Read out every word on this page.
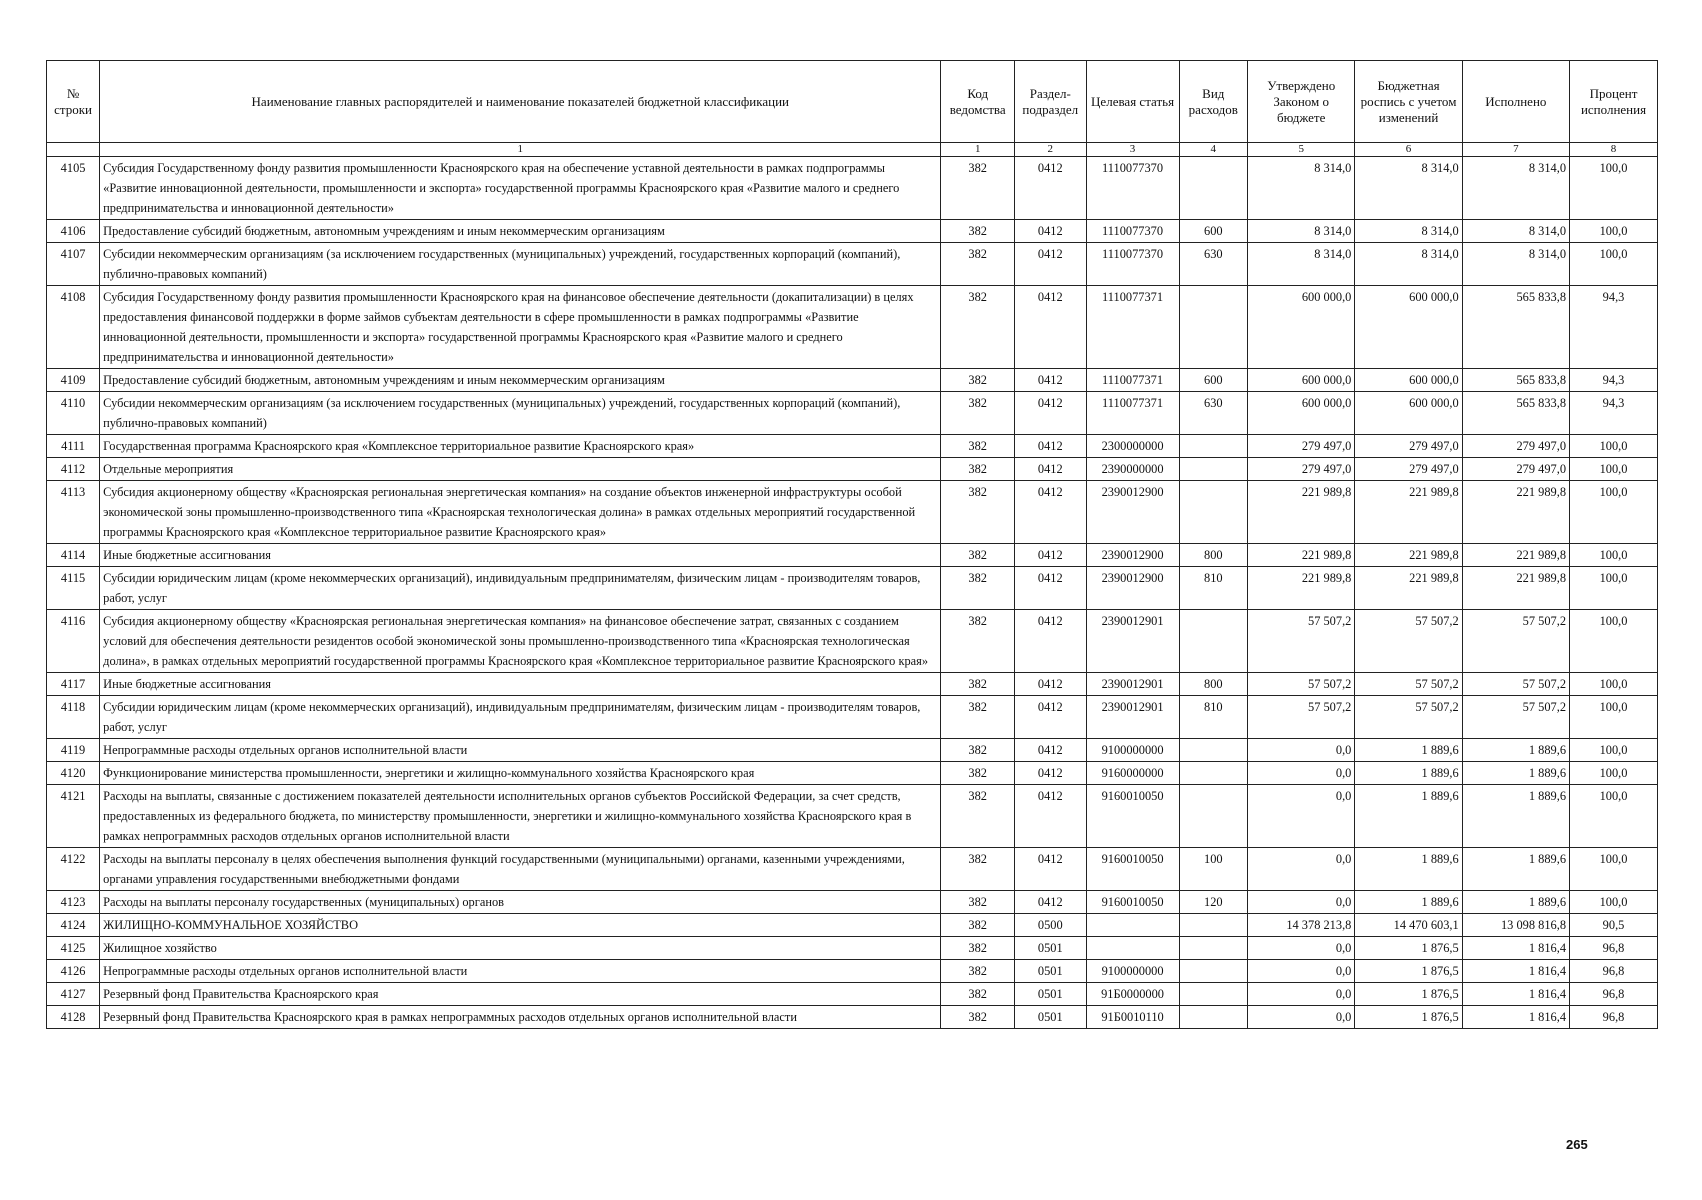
№ строки	Наименование главных распорядителей и наименование показателей бюджетной классификации	Код ведомства	Раздел-подраздел	Целевая статья	Вид расходов	Утверждено Законом о бюджете	Бюджетная роспись с учетом изменений	Исполнено	Процент исполнения
	1	1	2	3	4	5	6	7	8
4105	Субсидия Государственному фонду развития промышленности Красноярского края на обеспечение уставной деятельности в рамках подпрограммы «Развитие инновационной деятельности, промышленности и экспорта» государственной программы Красноярского края «Развитие малого и среднего предпринимательства и инновационной деятельности»	382	0412	1110077370		8 314,0	8 314,0	8 314,0	100,0
4106	Предоставление субсидий бюджетным, автономным учреждениям и иным некоммерческим организациям	382	0412	1110077370	600	8 314,0	8 314,0	8 314,0	100,0
4107	Субсидии некоммерческим организациям (за исключением государственных (муниципальных) учреждений, государственных корпораций (компаний), публично-правовых компаний)	382	0412	1110077370	630	8 314,0	8 314,0	8 314,0	100,0
4108	Субсидия Государственному фонду развития промышленности Красноярского края на финансовое обеспечение деятельности (докапитализации) в целях предоставления финансовой поддержки в форме займов субъектам деятельности в сфере промышленности в рамках подпрограммы «Развитие инновационной деятельности, промышленности и экспорта» государственной программы Красноярского края «Развитие малого и среднего предпринимательства и инновационной деятельности»	382	0412	1110077371		600 000,0	600 000,0	565 833,8	94,3
4109	Предоставление субсидий бюджетным, автономным учреждениям и иным некоммерческим организациям	382	0412	1110077371	600	600 000,0	600 000,0	565 833,8	94,3
4110	Субсидии некоммерческим организациям (за исключением государственных (муниципальных) учреждений, государственных корпораций (компаний), публично-правовых компаний)	382	0412	1110077371	630	600 000,0	600 000,0	565 833,8	94,3
4111	Государственная программа Красноярского края «Комплексное территориальное развитие Красноярского края»	382	0412	2300000000		279 497,0	279 497,0	279 497,0	100,0
4112	Отдельные мероприятия	382	0412	2390000000		279 497,0	279 497,0	279 497,0	100,0
4113	Субсидия акционерному обществу «Красноярская региональная энергетическая компания» на создание объектов инженерной инфраструктуры особой экономической зоны промышленно-производственного типа «Красноярская технологическая долина» в рамках отдельных мероприятий государственной программы Красноярского края «Комплексное территориальное развитие Красноярского края»	382	0412	2390012900		221 989,8	221 989,8	221 989,8	100,0
4114	Иные бюджетные ассигнования	382	0412	2390012900	800	221 989,8	221 989,8	221 989,8	100,0
4115	Субсидии юридическим лицам (кроме некоммерческих организаций), индивидуальным предпринимателям, физическим лицам - производителям товаров, работ, услуг	382	0412	2390012900	810	221 989,8	221 989,8	221 989,8	100,0
4116	Субсидия акционерному обществу «Красноярская региональная энергетическая компания» на финансовое обеспечение затрат, связанных с созданием условий для обеспечения деятельности резидентов особой экономической зоны промышленно-производственного типа «Красноярская технологическая долина», в рамках отдельных мероприятий государственной программы Красноярского края «Комплексное территориальное развитие Красноярского края»	382	0412	2390012901		57 507,2	57 507,2	57 507,2	100,0
4117	Иные бюджетные ассигнования	382	0412	2390012901	800	57 507,2	57 507,2	57 507,2	100,0
4118	Субсидии юридическим лицам (кроме некоммерческих организаций), индивидуальным предпринимателям, физическим лицам - производителям товаров, работ, услуг	382	0412	2390012901	810	57 507,2	57 507,2	57 507,2	100,0
4119	Непрограммные расходы отдельных органов исполнительной власти	382	0412	9100000000		0,0	1 889,6	1 889,6	100,0
4120	Функционирование министерства промышленности, энергетики и жилищно-коммунального хозяйства Красноярского края	382	0412	9160000000		0,0	1 889,6	1 889,6	100,0
4121	Расходы на выплаты, связанные с достижением показателей деятельности исполнительных органов субъектов Российской Федерации, за счет средств, предоставленных из федерального бюджета, по министерству промышленности, энергетики и жилищно-коммунального хозяйства Красноярского края в рамках непрограммных расходов отдельных органов исполнительной власти	382	0412	9160010050		0,0	1 889,6	1 889,6	100,0
4122	Расходы на выплаты персоналу в целях обеспечения выполнения функций государственными (муниципальными) органами, казенными учреждениями, органами управления государственными внебюджетными фондами	382	0412	9160010050	100	0,0	1 889,6	1 889,6	100,0
4123	Расходы на выплаты персоналу государственных (муниципальных) органов	382	0412	9160010050	120	0,0	1 889,6	1 889,6	100,0
4124	ЖИЛИЩНО-КОММУНАЛЬНОЕ ХОЗЯЙСТВО	382	0500			14 378 213,8	14 470 603,1	13 098 816,8	90,5
4125	Жилищное хозяйство	382	0501			0,0	1 876,5	1 816,4	96,8
4126	Непрограммные расходы отдельных органов исполнительной власти	382	0501	9100000000		0,0	1 876,5	1 816,4	96,8
4127	Резервный фонд Правительства Красноярского края	382	0501	91Б0000000		0,0	1 876,5	1 816,4	96,8
4128	Резервный фонд Правительства Красноярского края в рамках непрограммных расходов отдельных органов исполнительной власти	382	0501	91Б0010110		0,0	1 876,5	1 816,4	96,8
265
